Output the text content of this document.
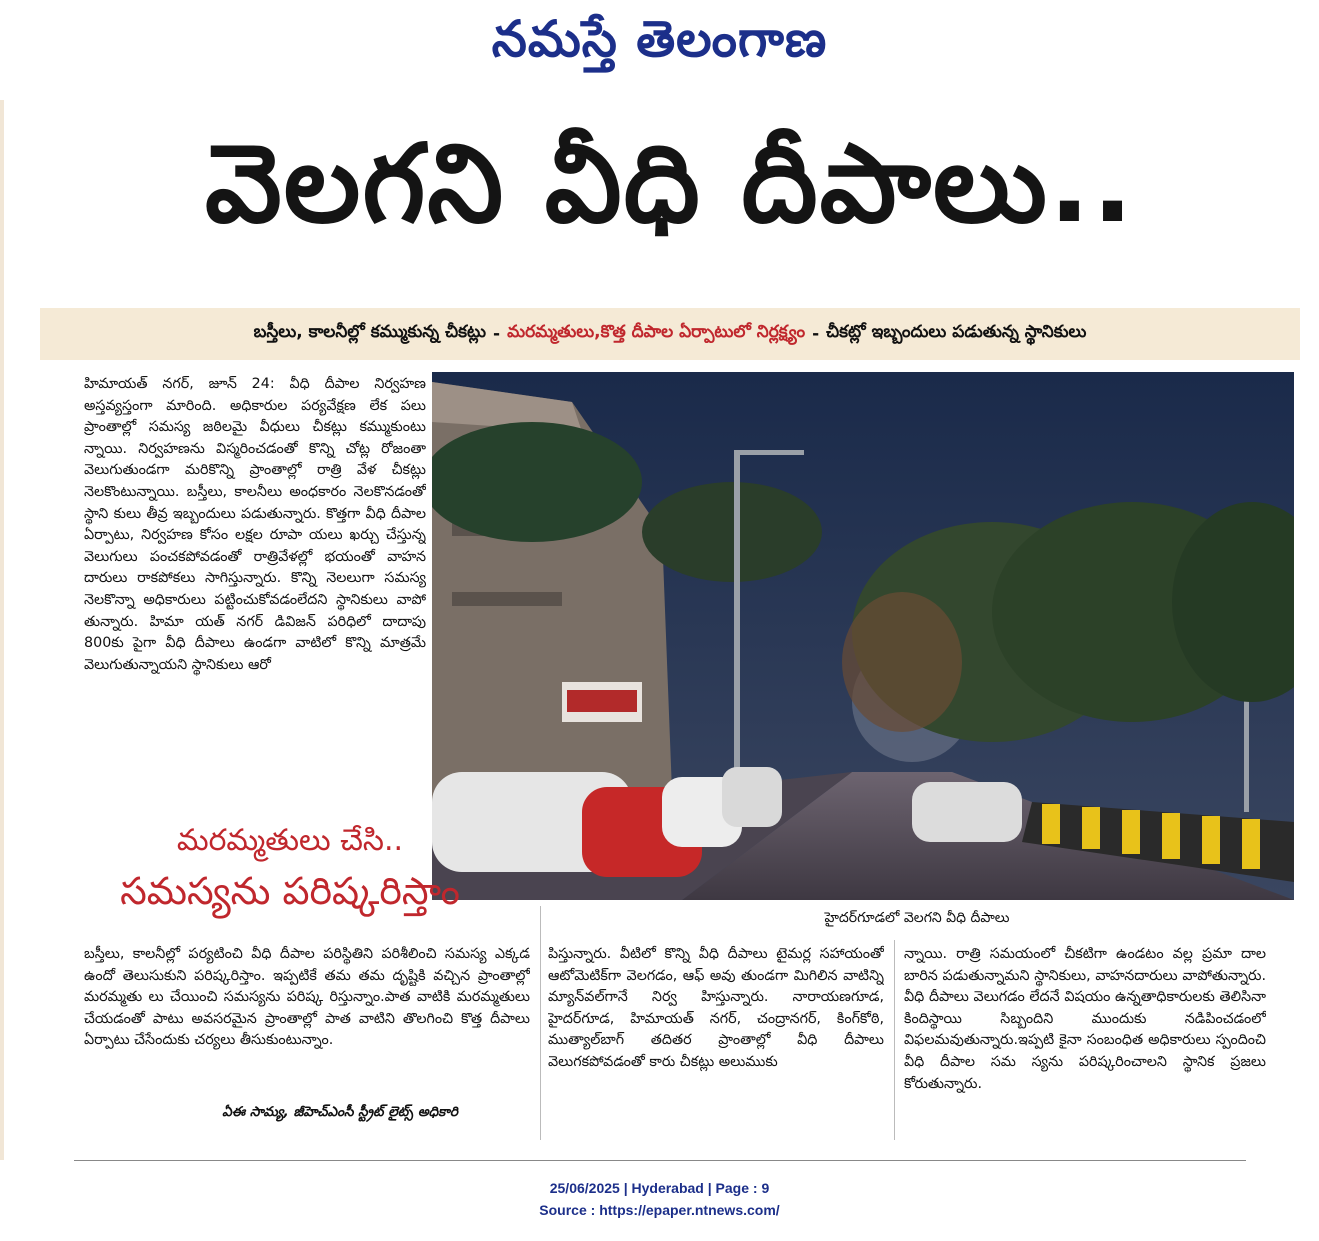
నమస్తే తెలంగాణ
వెలగని వీధి దీపాలు..
బస్తీలు, కాలనీల్లో కమ్ముకున్న చీకట్లు - మరమ్మతులు,కొత్త దీపాల ఏర్పాటులో నిర్లక్ష్యం - చీకట్లో ఇబ్బందులు పడుతున్న స్థానికులు

హిమాయత్ నగర్, జూన్ 24: వీధి దీపాల నిర్వహణ అస్తవ్యస్తంగా మారింది. అధికారుల పర్యవేక్షణ లేక పలు ప్రాంతాల్లో సమస్య జఠిలమై వీధులు చీకట్లు కమ్ముకుంటు న్నాయి. నిర్వహణను విస్మరించడంతో కొన్ని చోట్ల రోజంతా వెలుగుతుండగా మరికొన్ని ప్రాంతాల్లో రాత్రి వేళ చీకట్లు నెలకొంటున్నాయి. బస్తీలు, కాలనీలు అంధకారం నెలకొనడంతో స్థాని కులు తీవ్ర ఇబ్బందులు పడుతున్నారు. కొత్తగా వీధి దీపాల ఏర్పాటు, నిర్వహణ కోసం లక్షల రూపా యలు ఖర్చు చేస్తున్న వెలుగులు పంచకపోవడంతో రాత్రివేళల్లో భయంతో వాహన దారులు రాకపోకలు సాగిస్తున్నారు. కొన్ని నెలలుగా సమస్య నెలకొన్నా అధికారులు పట్టించుకోవడంలేదని స్థానికులు వాపో తున్నారు. హిమా యత్ నగర్ డివిజన్ పరిధిలో దాదాపు 800కు పైగా వీధి దీపాలు ఉండగా వాటిలో కొన్ని మాత్రమే వెలుగుతున్నాయని స్థానికులు ఆరో

హైదర్‌గూడలో వెలగని వీధి దీపాలు
మరమ్మతులు చేసి..
సమస్యను పరిష్కరిస్తాం

బస్తీలు, కాలనీల్లో పర్యటించి వీధి దీపాల పరిస్థితిని పరిశీలించి సమస్య ఎక్కడ ఉందో తెలుసుకుని పరిష్కరిస్తాం. ఇప్పటికే తమ తమ దృష్టికి వచ్చిన ప్రాంతాల్లో మరమ్మతు లు చేయించి సమస్యను పరిష్క రిస్తున్నాం.పాత వాటికి మరమ్మతులు చేయడంతో పాటు అవసరమైన ప్రాంతాల్లో పాత వాటిని తొలగించి కొత్త దీపాలు ఏర్పాటు చేసేందుకు చర్యలు తీసుకుంటున్నాం.

ఏఈ సామ్య, జీహెచ్ఎంసీ స్ట్రీట్ లైట్స్ అధికారి

పిస్తున్నారు. వీటిలో కొన్ని వీధి దీపాలు టైమర్ల సహాయంతో ఆటోమెటిక్‌గా వెలగడం, ఆఫ్ అవు తుండగా మిగిలిన వాటిన్ని మ్యాన్‌వల్‌గానే నిర్వ హిస్తున్నారు. నారాయణగూడ, హైదర్‌గూడ, హిమాయత్ నగర్, చంద్రానగర్, కింగ్‌కోఠి, ముత్యాల్‌బాగ్ తదితర ప్రాంతాల్లో వీధి దీపాలు వెలుగకపోవడంతో కారు చీకట్లు అలుముకు

న్నాయి. రాత్రి సమయంలో చీకటిగా ఉండటం వల్ల ప్రమా దాల బారిన పడుతున్నామని స్థానికులు, వాహనదారులు వాపోతున్నారు. వీధి దీపాలు వెలుగడం లేదనే విషయం ఉన్నతాధికారులకు తెలిసినా కిందిస్థాయి సిబ్బందిని ముందుకు నడిపించడంలో విఫలమవుతున్నారు.ఇప్పటి కైనా సంబంధిత అధికారులు స్పందించి వీధి దీపాల సమ స్యను పరిష్కరించాలని స్థానిక ప్రజలు కోరుతున్నారు.

25/06/2025 | Hyderabad | Page : 9
Source : https://epaper.ntnews.com/
